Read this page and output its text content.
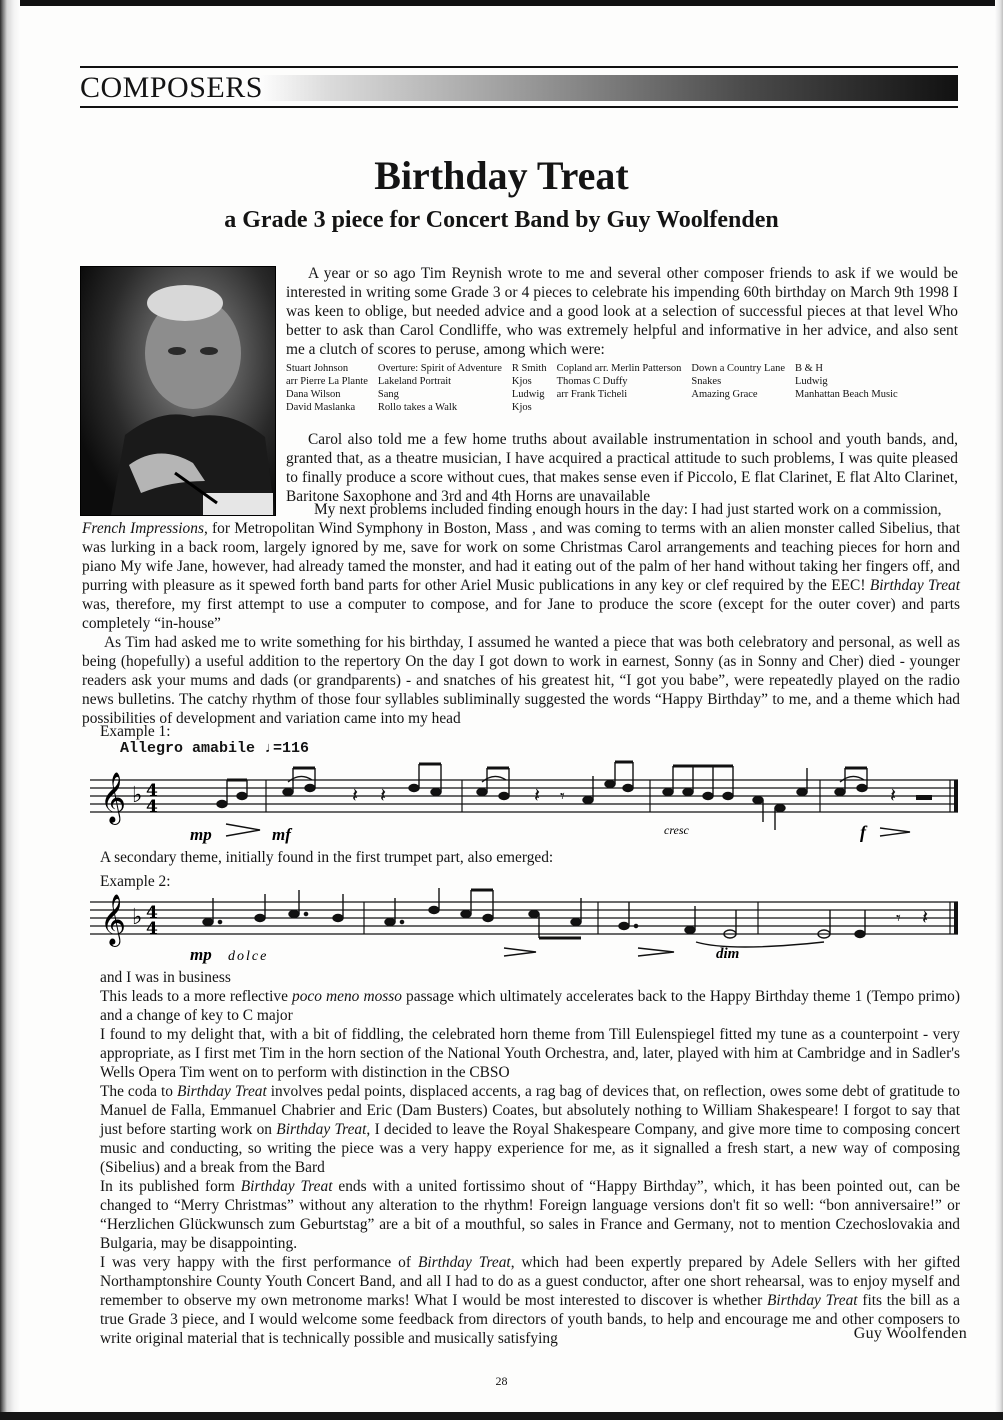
COMPOSERS
Birthday Treat
a Grade 3 piece for Concert Band by Guy Woolfenden

A year or so ago Tim Reynish wrote to me and several other composer friends to ask if we would be interested in writing some Grade 3 or 4 pieces to celebrate his impending 60th birthday on March 9th 1998 I was keen to oblige, but needed advice and a good look at a selection of successful pieces at that level Who better to ask than Carol Condliffe, who was extremely helpful and informative in her advice, and also sent me a clutch of scores to peruse, among which were:

Stuart Johnson	Overture: Spirit of Adventure	R Smith	Copland arr. Merlin Patterson	Down a Country Lane	B & H
arr Pierre La Plante	Lakeland Portrait	Kjos	Thomas C Duffy	Snakes	Ludwig
Dana Wilson	Sang	Ludwig	arr Frank Ticheli	Amazing Grace	Manhattan Beach Music
David Maslanka	Rollo takes a Walk	Kjos			

Carol also told me a few home truths about available instrumentation in school and youth bands, and, granted that, as a theatre musician, I have acquired a practical attitude to such problems, I was quite pleased to finally produce a score without cues, that makes sense even if Piccolo, E flat Clarinet, E flat Alto Clarinet, Baritone Saxophone and 3rd and 4th Horns are unavailable

My next problems included finding enough hours in the day: I had just started work on a commission,

French Impressions, for Metropolitan Wind Symphony in Boston, Mass , and was coming to terms with an alien monster called Sibelius, that was lurking in a back room, largely ignored by me, save for work on some Christmas Carol arrangements and teaching pieces for horn and piano My wife Jane, however, had already tamed the monster, and had it eating out of the palm of her hand without taking her fingers off, and purring with pleasure as it spewed forth band parts for other Ariel Music publications in any key or clef required by the EEC! Birthday Treat was, therefore, my first attempt to use a computer to compose, and for Jane to produce the score (except for the outer cover) and parts completely “in-house”

As Tim had asked me to write something for his birthday, I assumed he wanted a piece that was both celebratory and personal, as well as being (hopefully) a useful addition to the repertory On the day I got down to work in earnest, Sonny (as in Sonny and Cher) died - younger readers ask your mums and dads (or grandparents) - and snatches of his greatest hit, “I got you babe”, were repeatedly played on the radio news bulletins. The catchy rhythm of those four syllables subliminally suggested the words “Happy Birthday” to me, and a theme which had possibilities of development and variation came into my head

Example 1:
Allegro amabile ♩=116
𝄞 ♭ 4
4	𝄽 𝄽	𝄽 𝄾	𝄽
mp	mf	cresc	f
A secondary theme, initially found in the first trumpet part, also emerged:
Example 2:
𝄞 ♭ 4
4	𝄾 𝄽
mp dolce	dim

and I was in business

This leads to a more reflective poco meno mosso passage which ultimately accelerates back to the Happy Birthday theme 1 (Tempo primo) and a change of key to C major

I found to my delight that, with a bit of fiddling, the celebrated horn theme from Till Eulenspiegel fitted my tune as a counterpoint - very appropriate, as I first met Tim in the horn section of the National Youth Orchestra, and, later, played with him at Cambridge and in Sadler's Wells Opera Tim went on to perform with distinction in the CBSO

The coda to Birthday Treat involves pedal points, displaced accents, a rag bag of devices that, on reflection, owes some debt of gratitude to Manuel de Falla, Emmanuel Chabrier and Eric (Dam Busters) Coates, but absolutely nothing to William Shakespeare! I forgot to say that just before starting work on Birthday Treat, I decided to leave the Royal Shakespeare Company, and give more time to composing concert music and conducting, so writing the piece was a very happy experience for me, as it signalled a fresh start, a new way of composing (Sibelius) and a break from the Bard

In its published form Birthday Treat ends with a united fortissimo shout of “Happy Birthday”, which, it has been pointed out, can be changed to “Merry Christmas” without any alteration to the rhythm! Foreign language versions don't fit so well: “bon anniversaire!” or “Herzlichen Glückwunsch zum Geburtstag” are a bit of a mouthful, so sales in France and Germany, not to mention Czechoslovakia and Bulgaria, may be disappointing.

I was very happy with the first performance of Birthday Treat, which had been expertly prepared by Adele Sellers with her gifted Northamptonshire County Youth Concert Band, and all I had to do as a guest conductor, after one short rehearsal, was to enjoy myself and remember to observe my own metronome marks! What I would be most interested to discover is whether Birthday Treat fits the bill as a true Grade 3 piece, and I would welcome some feedback from directors of youth bands, to help and encourage me and other composers to write original material that is technically possible and musically satisfying	Guy Woolfenden
28
